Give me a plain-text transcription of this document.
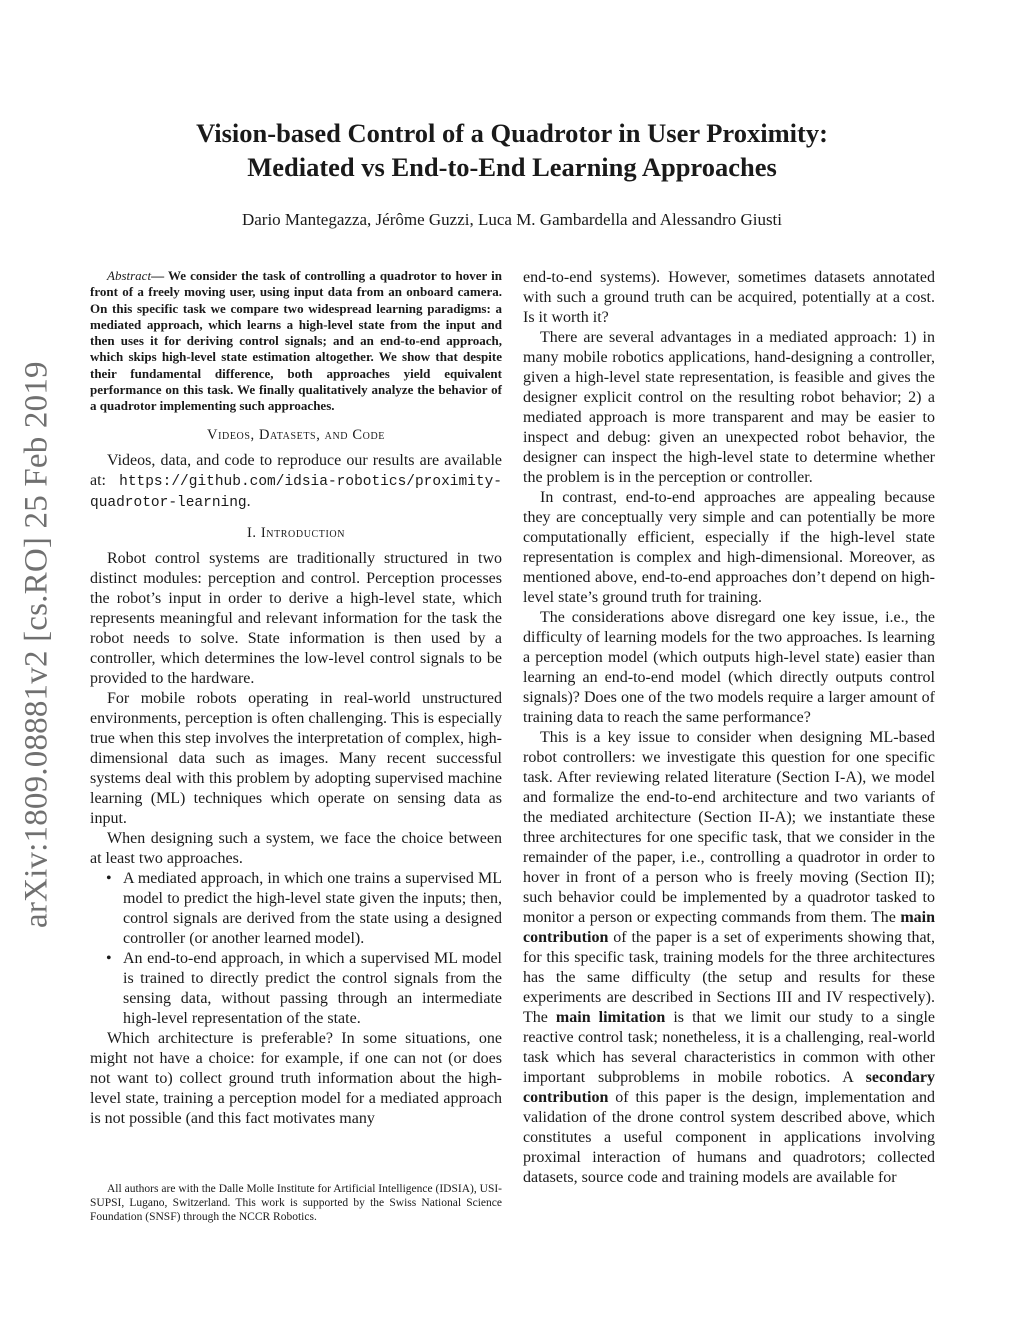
arXiv:1809.08881v2 [cs.RO] 25 Feb 2019
Vision-based Control of a Quadrotor in User Proximity:
Mediated vs End-to-End Learning Approaches
Dario Mantegazza, Jérôme Guzzi, Luca M. Gambardella and Alessandro Giusti

Abstract— We consider the task of controlling a quadrotor to hover in front of a freely moving user, using input data from an onboard camera. On this specific task we compare two widespread learning paradigms: a mediated approach, which learns a high-level state from the input and then uses it for deriving control signals; and an end-to-end approach, which skips high-level state estimation altogether. We show that despite their fundamental difference, both approaches yield equivalent performance on this task. We finally qualitatively analyze the behavior of a quadrotor implementing such approaches.

Videos, Datasets, and Code

Videos, data, and code to reproduce our results are available at: https://github.com/idsia-robotics/proximity-quadrotor-learning.

I. Introduction

Robot control systems are traditionally structured in two distinct modules: perception and control. Perception processes the robot’s input in order to derive a high-level state, which represents meaningful and relevant information for the task the robot needs to solve. State information is then used by a controller, which determines the low-level control signals to be provided to the hardware.

For mobile robots operating in real-world unstructured environments, perception is often challenging. This is especially true when this step involves the interpretation of complex, high-dimensional data such as images. Many recent successful systems deal with this problem by adopting supervised machine learning (ML) techniques which operate on sensing data as input.

When designing such a system, we face the choice between at least two approaches.

• A mediated approach, in which one trains a supervised ML model to predict the high-level state given the inputs; then, control signals are derived from the state using a designed controller (or another learned model).
• An end-to-end approach, in which a supervised ML model is trained to directly predict the control signals from the sensing data, without passing through an intermediate high-level representation of the state.

Which architecture is preferable? In some situations, one might not have a choice: for example, if one can not (or does not want to) collect ground truth information about the high-level state, training a perception model for a mediated approach is not possible (and this fact motivates many

All authors are with the Dalle Molle Institute for Artificial Intelligence (IDSIA), USI-SUPSI, Lugano, Switzerland. This work is supported by the Swiss National Science Foundation (SNSF) through the NCCR Robotics.

end-to-end systems). However, sometimes datasets annotated with such a ground truth can be acquired, potentially at a cost. Is it worth it?

There are several advantages in a mediated approach: 1) in many mobile robotics applications, hand-designing a controller, given a high-level state representation, is feasible and gives the designer explicit control on the resulting robot behavior; 2) a mediated approach is more transparent and may be easier to inspect and debug: given an unexpected robot behavior, the designer can inspect the high-level state to determine whether the problem is in the perception or controller.

In contrast, end-to-end approaches are appealing because they are conceptually very simple and can potentially be more computationally efficient, especially if the high-level state representation is complex and high-dimensional. Moreover, as mentioned above, end-to-end approaches don’t depend on high-level state’s ground truth for training.

The considerations above disregard one key issue, i.e., the difficulty of learning models for the two approaches. Is learning a perception model (which outputs high-level state) easier than learning an end-to-end model (which directly outputs control signals)? Does one of the two models require a larger amount of training data to reach the same performance?

This is a key issue to consider when designing ML-based robot controllers: we investigate this question for one specific task. After reviewing related literature (Section I-A), we model and formalize the end-to-end architecture and two variants of the mediated architecture (Section II-A); we instantiate these three architectures for one specific task, that we consider in the remainder of the paper, i.e., controlling a quadrotor in order to hover in front of a person who is freely moving (Section II); such behavior could be implemented by a quadrotor tasked to monitor a person or expecting commands from them. The main contribution of the paper is a set of experiments showing that, for this specific task, training models for the three architectures has the same difficulty (the setup and results for these experiments are described in Sections III and IV respectively). The main limitation is that we limit our study to a single reactive control task; nonetheless, it is a challenging, real-world task which has several characteristics in common with other important subproblems in mobile robotics. A secondary contribution of this paper is the design, implementation and validation of the drone control system described above, which constitutes a useful component in applications involving proximal interaction of humans and quadrotors; collected datasets, source code and training models are available for
